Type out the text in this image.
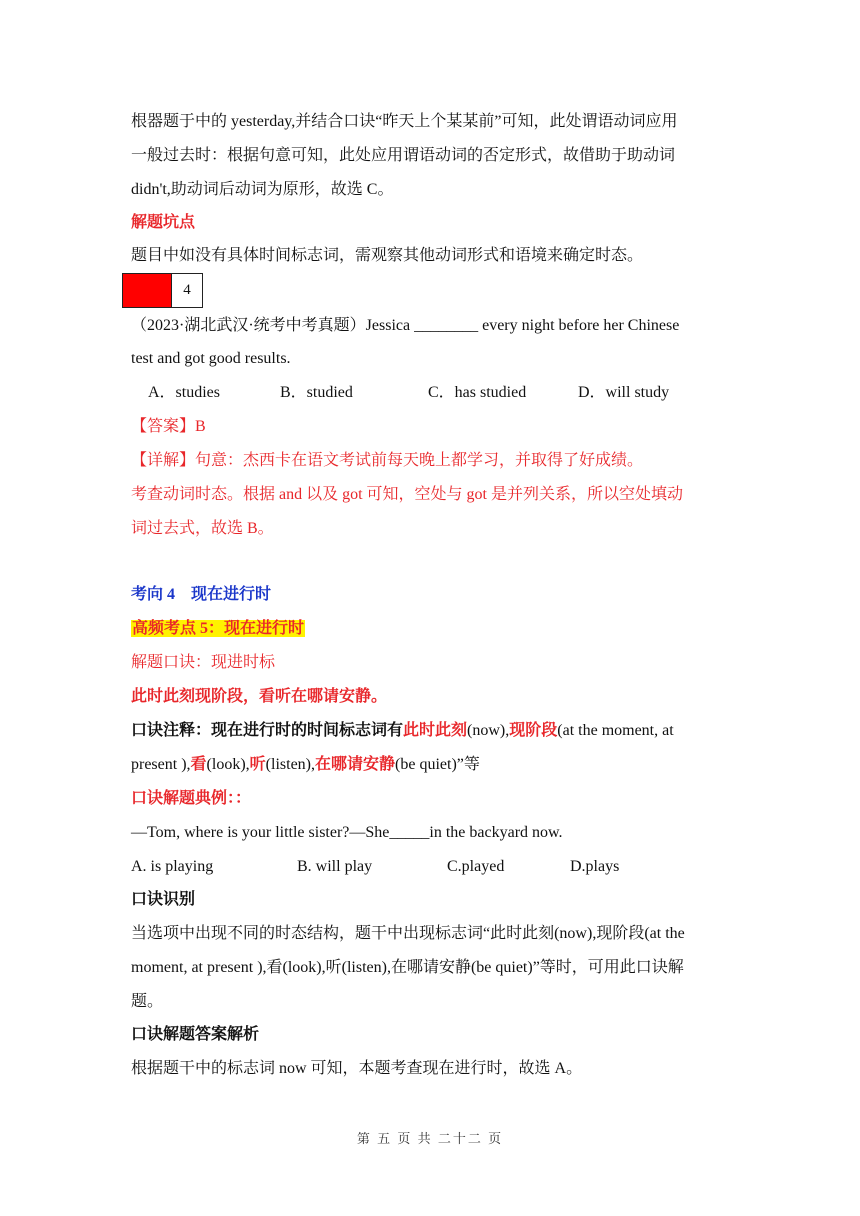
根器题于中的 yesterday,并结合口诀“昨天上个某某前”可知，此处谓语动词应用
一般过去时：根据句意可知，此处应用谓语动词的否定形式，故借助于助动词
didn't,助动词后动词为原形，故选 C。
解题坑点
题目中如没有具体时间标志词，需观察其他动词形式和语境来确定时态。
4
（2023·湖北武汉·统考中考真题）Jessica ________ every night before her Chinese
test and got good results.
A．studies	B．studied	C．has studied	D．will study
【答案】B
【详解】句意：杰西卡在语文考试前每天晚上都学习，并取得了好成绩。
考查动词时态。根据 and 以及 got 可知，空处与 got 是并列关系，所以空处填动
词过去式，故选 B。
考向 4　现在进行时
高频考点 5：现在进行时
解题口诀：现进时标
此时此刻现阶段，看听在哪请安静。
口诀注释：现在进行时的时间标志词有此时此刻(now),现阶段(at the moment, at
present ),看(look),听(listen),在哪请安静(be quiet)”等
口诀解题典例：：
—Tom, where is your little sister?—She_____in the backyard now.
A. is playing	B. will play	C.played	D.plays
口诀识别
当选项中出现不同的时态结构，题干中出现标志词“此时此刻(now),现阶段(at the
moment, at present ),看(look),听(listen),在哪请安静(be quiet)”等时，可用此口诀解
题。
口诀解题答案解析
根据题干中的标志词 now 可知，本题考查现在进行时，故选 A。
第 五 页 共 二十二 页
